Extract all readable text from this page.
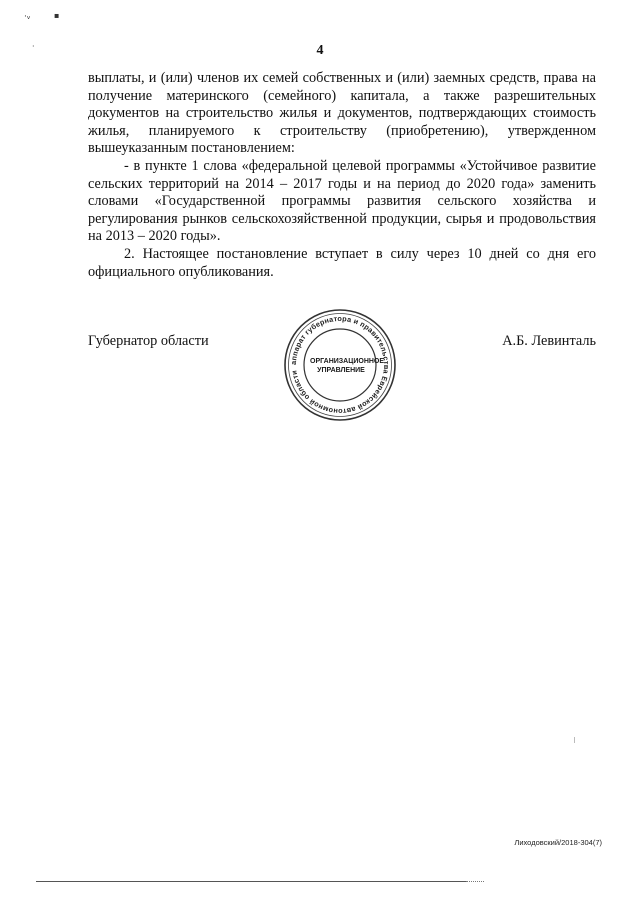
·ᵥ	▪
·	4

выплаты, и (или) членов их семей собственных и (или) заемных средств, права на получение материнского (семейного) капитала, а также разрешительных документов на строительство жилья и документов, подтверждающих стоимость жилья, планируемого к строительству (приобретению), утвержденном вышеуказанным постановлением:

- в пункте 1 слова «федеральной целевой программы «Устойчивое развитие сельских территорий на 2014 – 2017 годы и на период до 2020 года» заменить словами «Государственной программы развития сельского хозяйства и регулирования рынков сельскохозяйственной продукции, сырья и продовольствия на 2013 – 2020 годы».

2. Настоящее постановление вступает в силу через 10 дней со дня его официального опубликования.

Губернатор области	А.Б. Левинталь
аппарат губернатора и правительства Еврейской автономной области
ОРГАНИЗАЦИОННОЕ УПРАВЛЕНИЕ
Лиходовский/2018-304(7)
